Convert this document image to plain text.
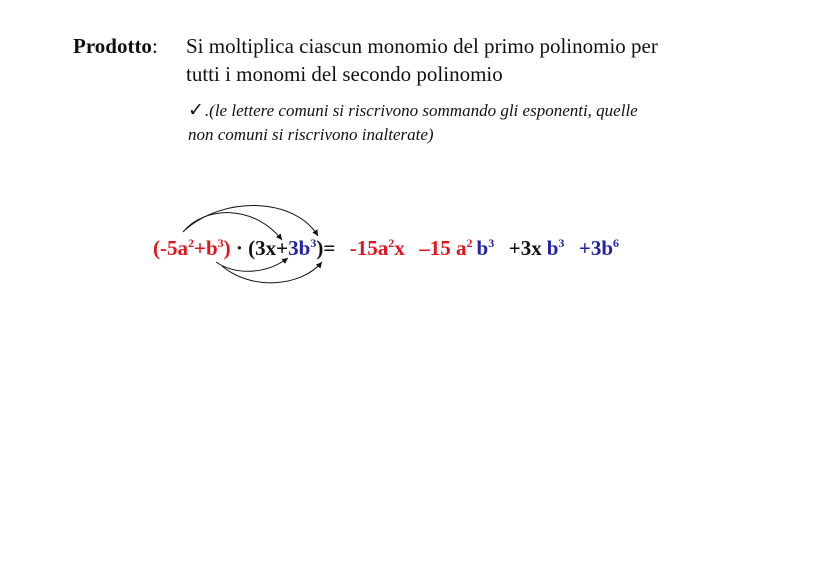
Prodotto: Si moltiplica ciascun monomio del primo polinomio per
tutti i monomi del secondo polinomio
✓.(le lettere comuni si riscrivono sommando gli esponenti, quelle
non comuni si riscrivono inalterate)
$(-5a^2+b^3) \cdot (3x+3b^3)= -15a^2x$ –15 $a^2$ $b^3 +3x$ $b^3 +3b^6$
